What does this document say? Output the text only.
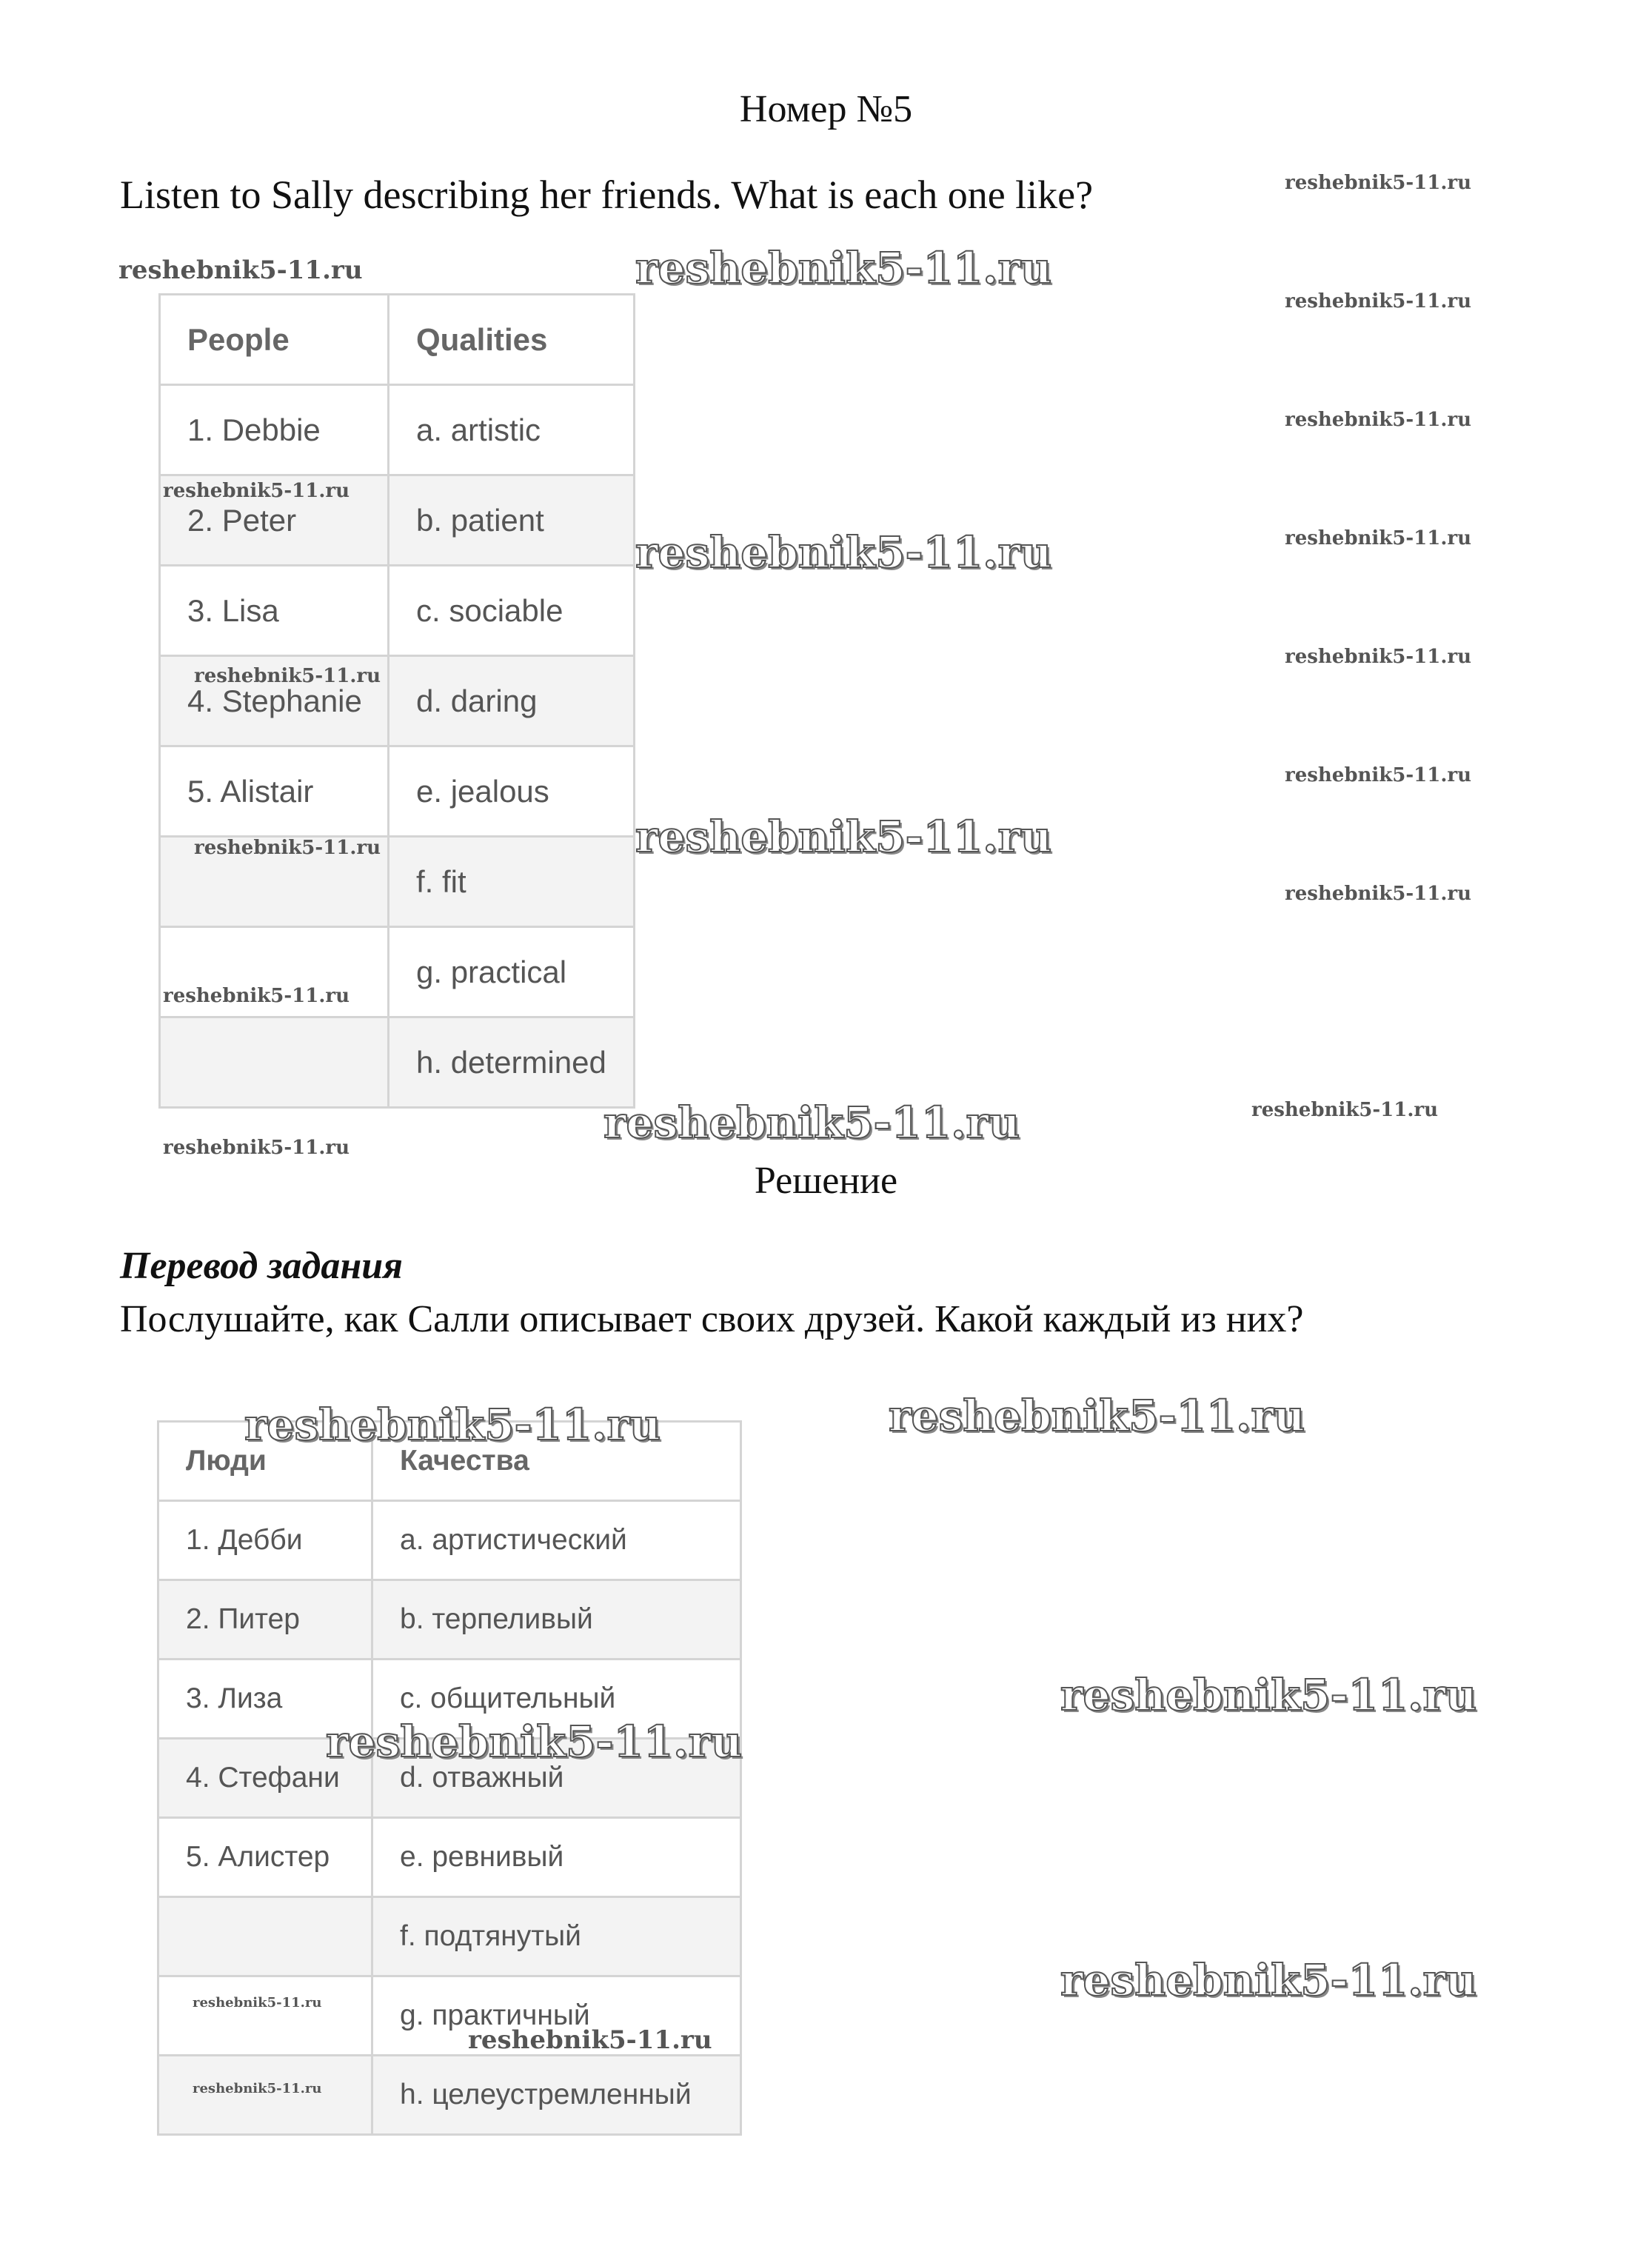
Номер №5
Listen to Sally describing her friends. What is each one like?
People	Qualities
1. Debbie	a. artistic
2. Peter	b. patient
3. Lisa	c. sociable
4. Stephanie	d. daring
5. Alistair	e. jealous
	f. fit
	g. practical
	h. determined
Решение
Перевод задания
Послушайте, как Салли описывает своих друзей. Какой каждый из них?
Люди	Качества
1. Дебби	a. артистический
2. Питер	b. терпеливый
3. Лиза	c. общительный
4. Стефани	d. отважный
5. Алистер	e. ревнивый
	f. подтянутый
	g. практичный
	h. целеустремленный
reshebnik5-11.ru
reshebnik5-11.ru	reshebnik5-11.ru
reshebnik5-11.ru
reshebnik5-11.ru
reshebnik5-11.ru
reshebnik5-11.ru	reshebnik5-11.ru
reshebnik5-11.ru
reshebnik5-11.ru
reshebnik5-11.ru
reshebnik5-11.ru
reshebnik5-11.ru
reshebnik5-11.ru
reshebnik5-11.ru
reshebnik5-11.ru
reshebnik5-11.ru
reshebnik5-11.ru
reshebnik5-11.ru
reshebnik5-11.ru
reshebnik5-11.ru
reshebnik5-11.ru
reshebnik5-11.ru
reshebnik5-11.ru
reshebnik5-11.ru
reshebnik5-11.ru
